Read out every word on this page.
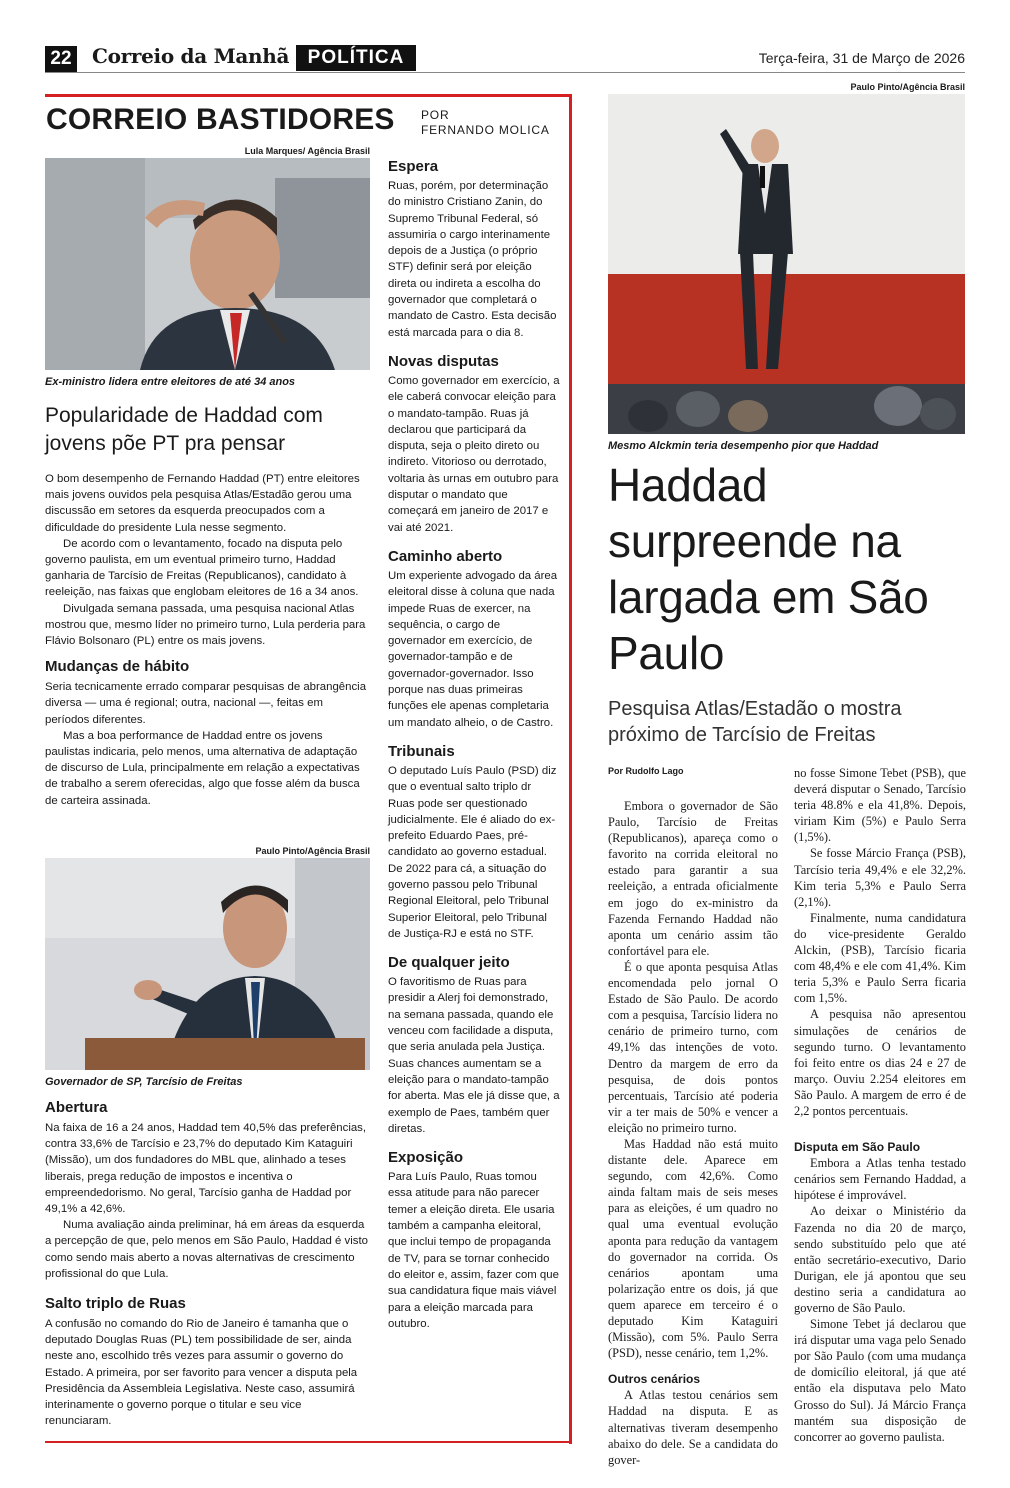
22 Correio da Manhã POLÍTICA	Terça-feira, 31 de Março de 2026
CORREIO BASTIDORES POR
FERNANDO MOLICA
Lula Marques/ Agência Brasil
Ex-ministro lidera entre eleitores de até 34 anos
Popularidade de Haddad com jovens põe PT pra pensar

O bom desempenho de Fernando Haddad (PT) entre eleitores mais jovens ouvidos pela pesquisa Atlas/Estadão gerou uma discussão em setores da esquerda preocupados com a dificuldade do presidente Lula nesse segmento.

De acordo com o levantamento, focado na disputa pelo governo paulista, em um eventual primeiro turno, Haddad ganharia de Tarcísio de Freitas (Republicanos), candidato à reeleição, nas faixas que englobam eleitores de 16 a 34 anos.

Divulgada semana passada, uma pesquisa nacional Atlas mostrou que, mesmo líder no primeiro turno, Lula perderia para Flávio Bolsonaro (PL) entre os mais jovens.

Mudanças de hábito

Seria tecnicamente errado comparar pesquisas de abrangência diversa — uma é regional; outra, nacional —, feitas em períodos diferentes.

Mas a boa performance de Haddad entre os jovens paulistas indicaria, pelo menos, uma alternativa de adaptação de discurso de Lula, principalmente em relação a expectativas de trabalho a serem oferecidas, algo que fosse além da busca de carteira assinada.

Paulo Pinto/Agência Brasil
Governador de SP, Tarcísio de Freitas
Abertura

Na faixa de 16 a 24 anos, Haddad tem 40,5% das preferências, contra 33,6% de Tarcísio e 23,7% do deputado Kim Kataguiri (Missão), um dos fundadores do MBL que, alinhado a teses liberais, prega redução de impostos e incentiva o empreendedorismo. No geral, Tarcísio ganha de Haddad por 49,1% a 42,6%.

Numa avaliação ainda preliminar, há em áreas da esquerda a percepção de que, pelo menos em São Paulo, Haddad é visto como sendo mais aberto a novas alternativas de crescimento profissional do que Lula.

Salto triplo de Ruas

A confusão no comando do Rio de Janeiro é tamanha que o deputado Douglas Ruas (PL) tem possibilidade de ser, ainda neste ano, escolhido três vezes para assumir o governo do Estado. A primeira, por ser favorito para vencer a disputa pela Presidência da Assembleia Legislativa. Neste caso, assumirá interinamente o governo porque o titular e seu vice renunciaram.

Espera

Ruas, porém, por determinação do ministro Cristiano Zanin, do Supremo Tribunal Federal, só assumiria o cargo interinamente depois de a Justiça (o próprio STF) definir será por eleição direta ou indireta a escolha do governador que completará o mandato de Castro. Esta decisão está marcada para o dia 8.

Novas disputas

Como governador em exercício, a ele caberá convocar eleição para o mandato-tampão. Ruas já declarou que participará da disputa, seja o pleito direto ou indireto. Vitorioso ou derrotado, voltaria às urnas em outubro para disputar o mandato que começará em janeiro de 2017 e vai até 2021.

Caminho aberto

Um experiente advogado da área eleitoral disse à coluna que nada impede Ruas de exercer, na sequência, o cargo de governador em exercício, de governador-tampão e de governador-governador. Isso porque nas duas primeiras funções ele apenas completaria um mandato alheio, o de Castro.

Tribunais

O deputado Luís Paulo (PSD) diz que o eventual salto triplo dr Ruas pode ser questionado judicialmente. Ele é aliado do ex-prefeito Eduardo Paes, pré-candidato ao governo estadual. De 2022 para cá, a situação do governo passou pelo Tribunal Regional Eleitoral, pelo Tribunal Superior Eleitoral, pelo Tribunal de Justiça-RJ e está no STF.

De qualquer jeito

O favoritismo de Ruas para presidir a Alerj foi demonstrado, na semana passada, quando ele venceu com facilidade a disputa, que seria anulada pela Justiça. Suas chances aumentam se a eleição para o mandato-tampão for aberta. Mas ele já disse que, a exemplo de Paes, também quer diretas.

Exposição

Para Luís Paulo, Ruas tomou essa atitude para não parecer temer a eleição direta. Ele usaria também a campanha eleitoral, que inclui tempo de propaganda de TV, para se tornar conhecido do eleitor e, assim, fazer com que sua candidatura fique mais viável para a eleição marcada para outubro.

Paulo Pinto/Agência Brasil
Mesmo Alckmin teria desempenho pior que Haddad
Haddad surpreende na largada em São Paulo
Pesquisa Atlas/Estadão o mostra próximo de Tarcísio de Freitas
Por Rudolfo Lago

Embora o governador de São Paulo, Tarcísio de Freitas (Republicanos), apareça como o favorito na corrida eleitoral no estado para garantir a sua reeleição, a entrada oficialmente em jogo do ex-ministro da Fazenda Fernando Haddad não aponta um cenário assim tão confortável para ele.

É o que aponta pesquisa Atlas encomendada pelo jornal O Estado de São Paulo. De acordo com a pesquisa, Tarcísio lidera no cenário de primeiro turno, com 49,1% das intenções de voto. Dentro da margem de erro da pesquisa, de dois pontos percentuais, Tarcísio até poderia vir a ter mais de 50% e vencer a eleição no primeiro turno.

Mas Haddad não está muito distante dele. Aparece em segundo, com 42,6%. Como ainda faltam mais de seis meses para as eleições, é um quadro no qual uma eventual evolução aponta para redução da vantagem do governador na corrida. Os cenários apontam uma polarização entre os dois, já que quem aparece em terceiro é o deputado Kim Kataguiri (Missão), com 5%. Paulo Serra (PSD), nesse cenário, tem 1,2%.

Outros cenários

A Atlas testou cenários sem Haddad na disputa. E as alternativas tiveram desempenho abaixo do dele. Se a candidata do gover-

no fosse Simone Tebet (PSB), que deverá disputar o Senado, Tarcísio teria 48.8% e ela 41,8%. Depois, viriam Kim (5%) e Paulo Serra (1,5%).

Se fosse Márcio França (PSB), Tarcísio teria 49,4% e ele 32,2%. Kim teria 5,3% e Paulo Serra (2,1%).

Finalmente, numa candidatura do vice-presidente Geraldo Alckin, (PSB), Tarcísio ficaria com 48,4% e ele com 41,4%. Kim teria 5,3% e Paulo Serra ficaria com 1,5%.

A pesquisa não apresentou simulações de cenários de segundo turno. O levantamento foi feito entre os dias 24 e 27 de março. Ouviu 2.254 eleitores em São Paulo. A margem de erro é de 2,2 pontos percentuais.

Disputa em São Paulo

Embora a Atlas tenha testado cenários sem Fernando Haddad, a hipótese é improvável.

Ao deixar o Ministério da Fazenda no dia 20 de março, sendo substituído pelo que até então secretário-executivo, Dario Durigan, ele já apontou que seu destino seria a candidatura ao governo de São Paulo.

Simone Tebet já declarou que irá disputar uma vaga pelo Senado por São Paulo (com uma mudança de domicílio eleitoral, já que até então ela disputava pelo Mato Grosso do Sul). Já Márcio França mantém sua disposição de concorrer ao governo paulista.
